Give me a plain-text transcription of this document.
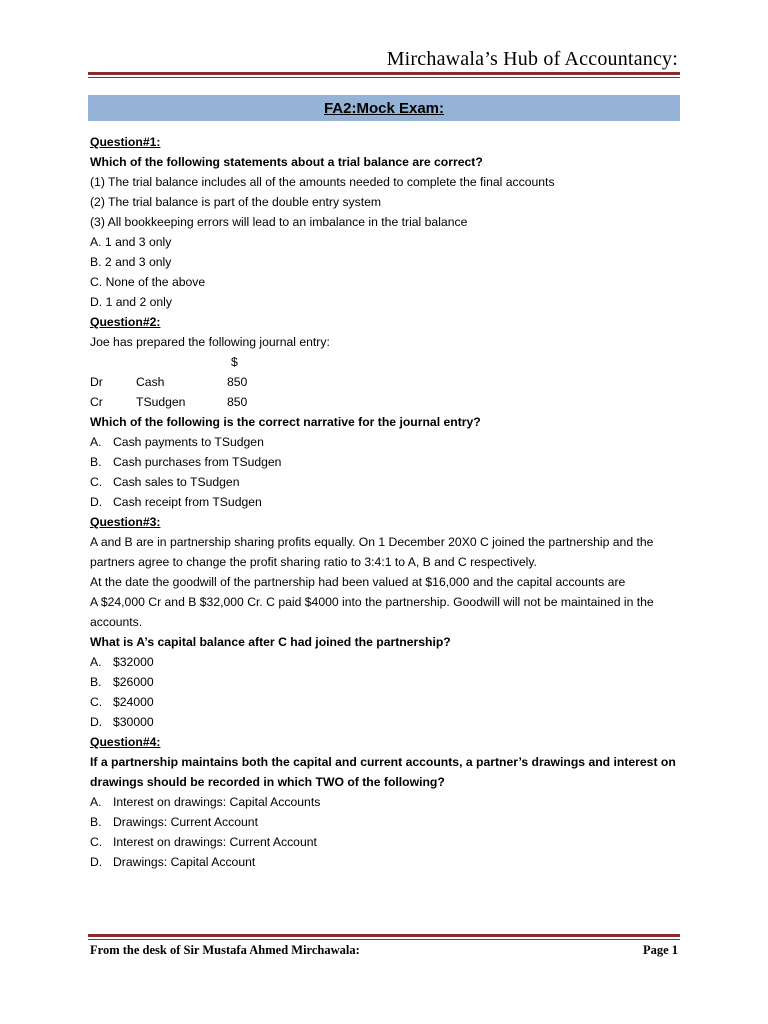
Mirchawala’s Hub of Accountancy:
FA2:Mock Exam:
Question#1:
Which of the following statements about a trial balance are correct?
(1) The trial balance includes all of the amounts needed to complete the final accounts
(2) The trial balance is part of the double entry system
(3) All bookkeeping errors will lead to an imbalance in the trial balance
A. 1 and 3 only
B. 2 and 3 only
C. None of the above
D. 1 and 2 only
Question#2:
Joe has prepared the following journal entry:
$
Dr	Cash	850
Cr	TSudgen	850
Which of the following is the correct narrative for the journal entry?
A. Cash payments to TSudgen
B. Cash purchases from TSudgen
C. Cash sales to TSudgen
D. Cash receipt from TSudgen
Question#3:
A and B are in partnership sharing profits equally. On 1 December 20X0 C joined the partnership and the partners agree to change the profit sharing ratio to 3:4:1 to A, B and C respectively.
At the date the goodwill of the partnership had been valued at $16,000 and the capital accounts are
A $24,000 Cr and B $32,000 Cr. C paid $4000 into the partnership. Goodwill will not be maintained in the accounts.
What is A’s capital balance after C had joined the partnership?
A. $32000
B. $26000
C. $24000
D. $30000
Question#4:
If a partnership maintains both the capital and current accounts, a partner’s drawings and interest on drawings should be recorded in which TWO of the following?
A. Interest on drawings: Capital Accounts
B. Drawings: Current Account
C. Interest on drawings: Current Account
D. Drawings: Capital Account
From the desk of Sir Mustafa Ahmed Mirchawala:	Page 1
